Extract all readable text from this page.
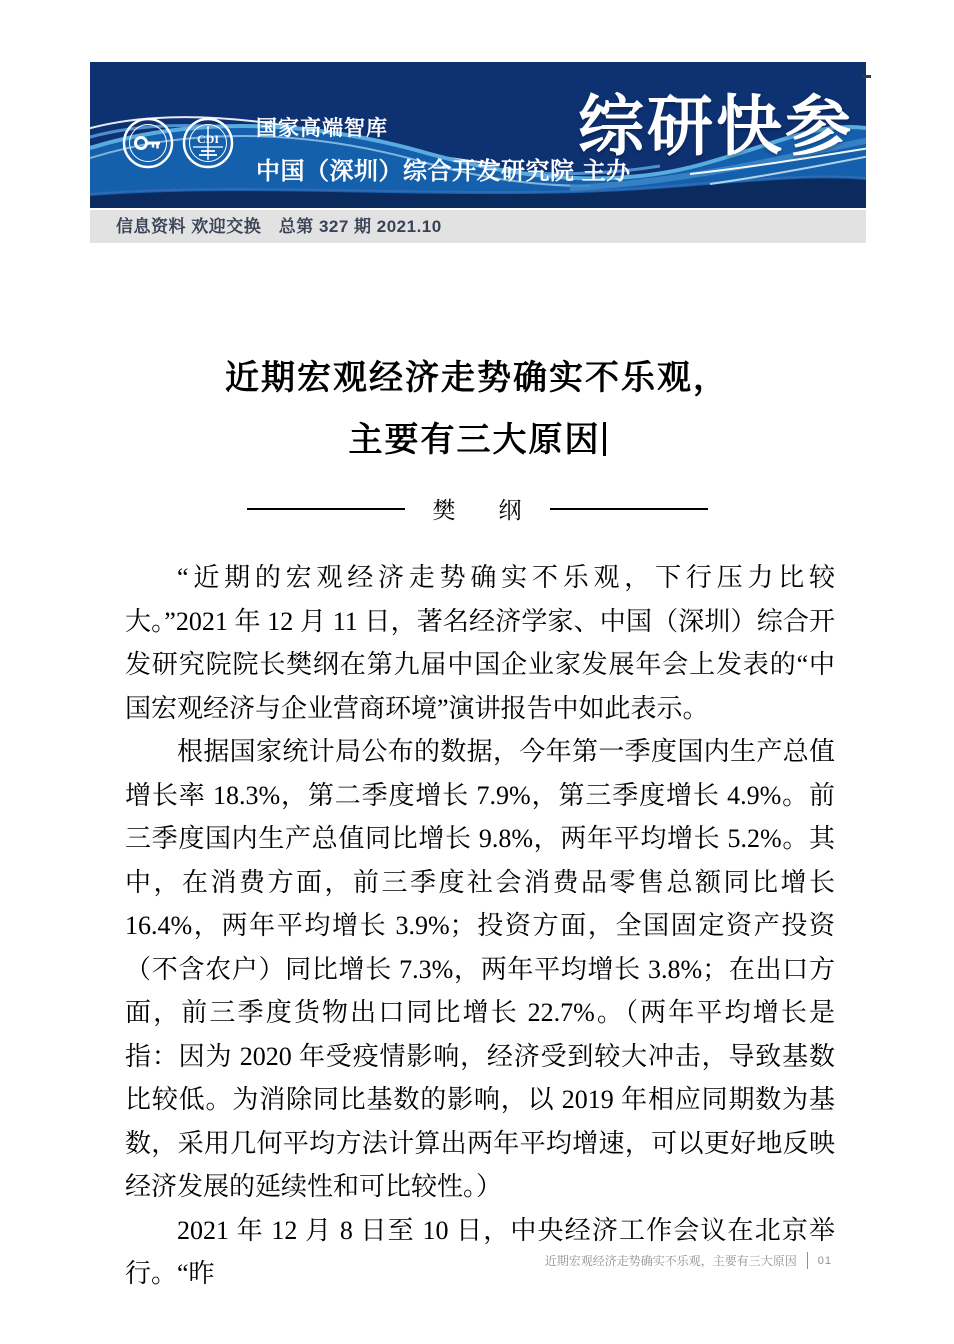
CDI 国家高端智库
中国（深圳）综合开发研究院 主办
综研快参
信息资料 欢迎交换　总第 327 期 2021.10
近期宏观经济走势确实不乐观，
主要有三大原因
樊　纲

“近期的宏观经济走势确实不乐观，下行压力比较大。”2021 年 12 月 11 日，著名经济学家、中国（深圳）综合开发研究院院长樊纲在第九届中国企业家发展年会上发表的“中国宏观经济与企业营商环境”演讲报告中如此表示。

根据国家统计局公布的数据，今年第一季度国内生产总值增长率 18.3%，第二季度增长 7.9%，第三季度增长 4.9%。前三季度国内生产总值同比增长 9.8%，两年平均增长 5.2%。其中，在消费方面，前三季度社会消费品零售总额同比增长 16.4%，两年平均增长 3.9%；投资方面，全国固定资产投资（不含农户）同比增长 7.3%，两年平均增长 3.8%；在出口方面，前三季度货物出口同比增长 22.7%。（两年平均增长是指：因为 2020 年受疫情影响，经济受到较大冲击，导致基数比较低。为消除同比基数的影响，以 2019 年相应同期数为基数，采用几何平均方法计算出两年平均增速，可以更好地反映经济发展的延续性和可比较性。）

2021 年 12 月 8 日至 10 日，中央经济工作会议在北京举行。“昨	近期宏观经济走势确实不乐观，主要有三大原因 01
